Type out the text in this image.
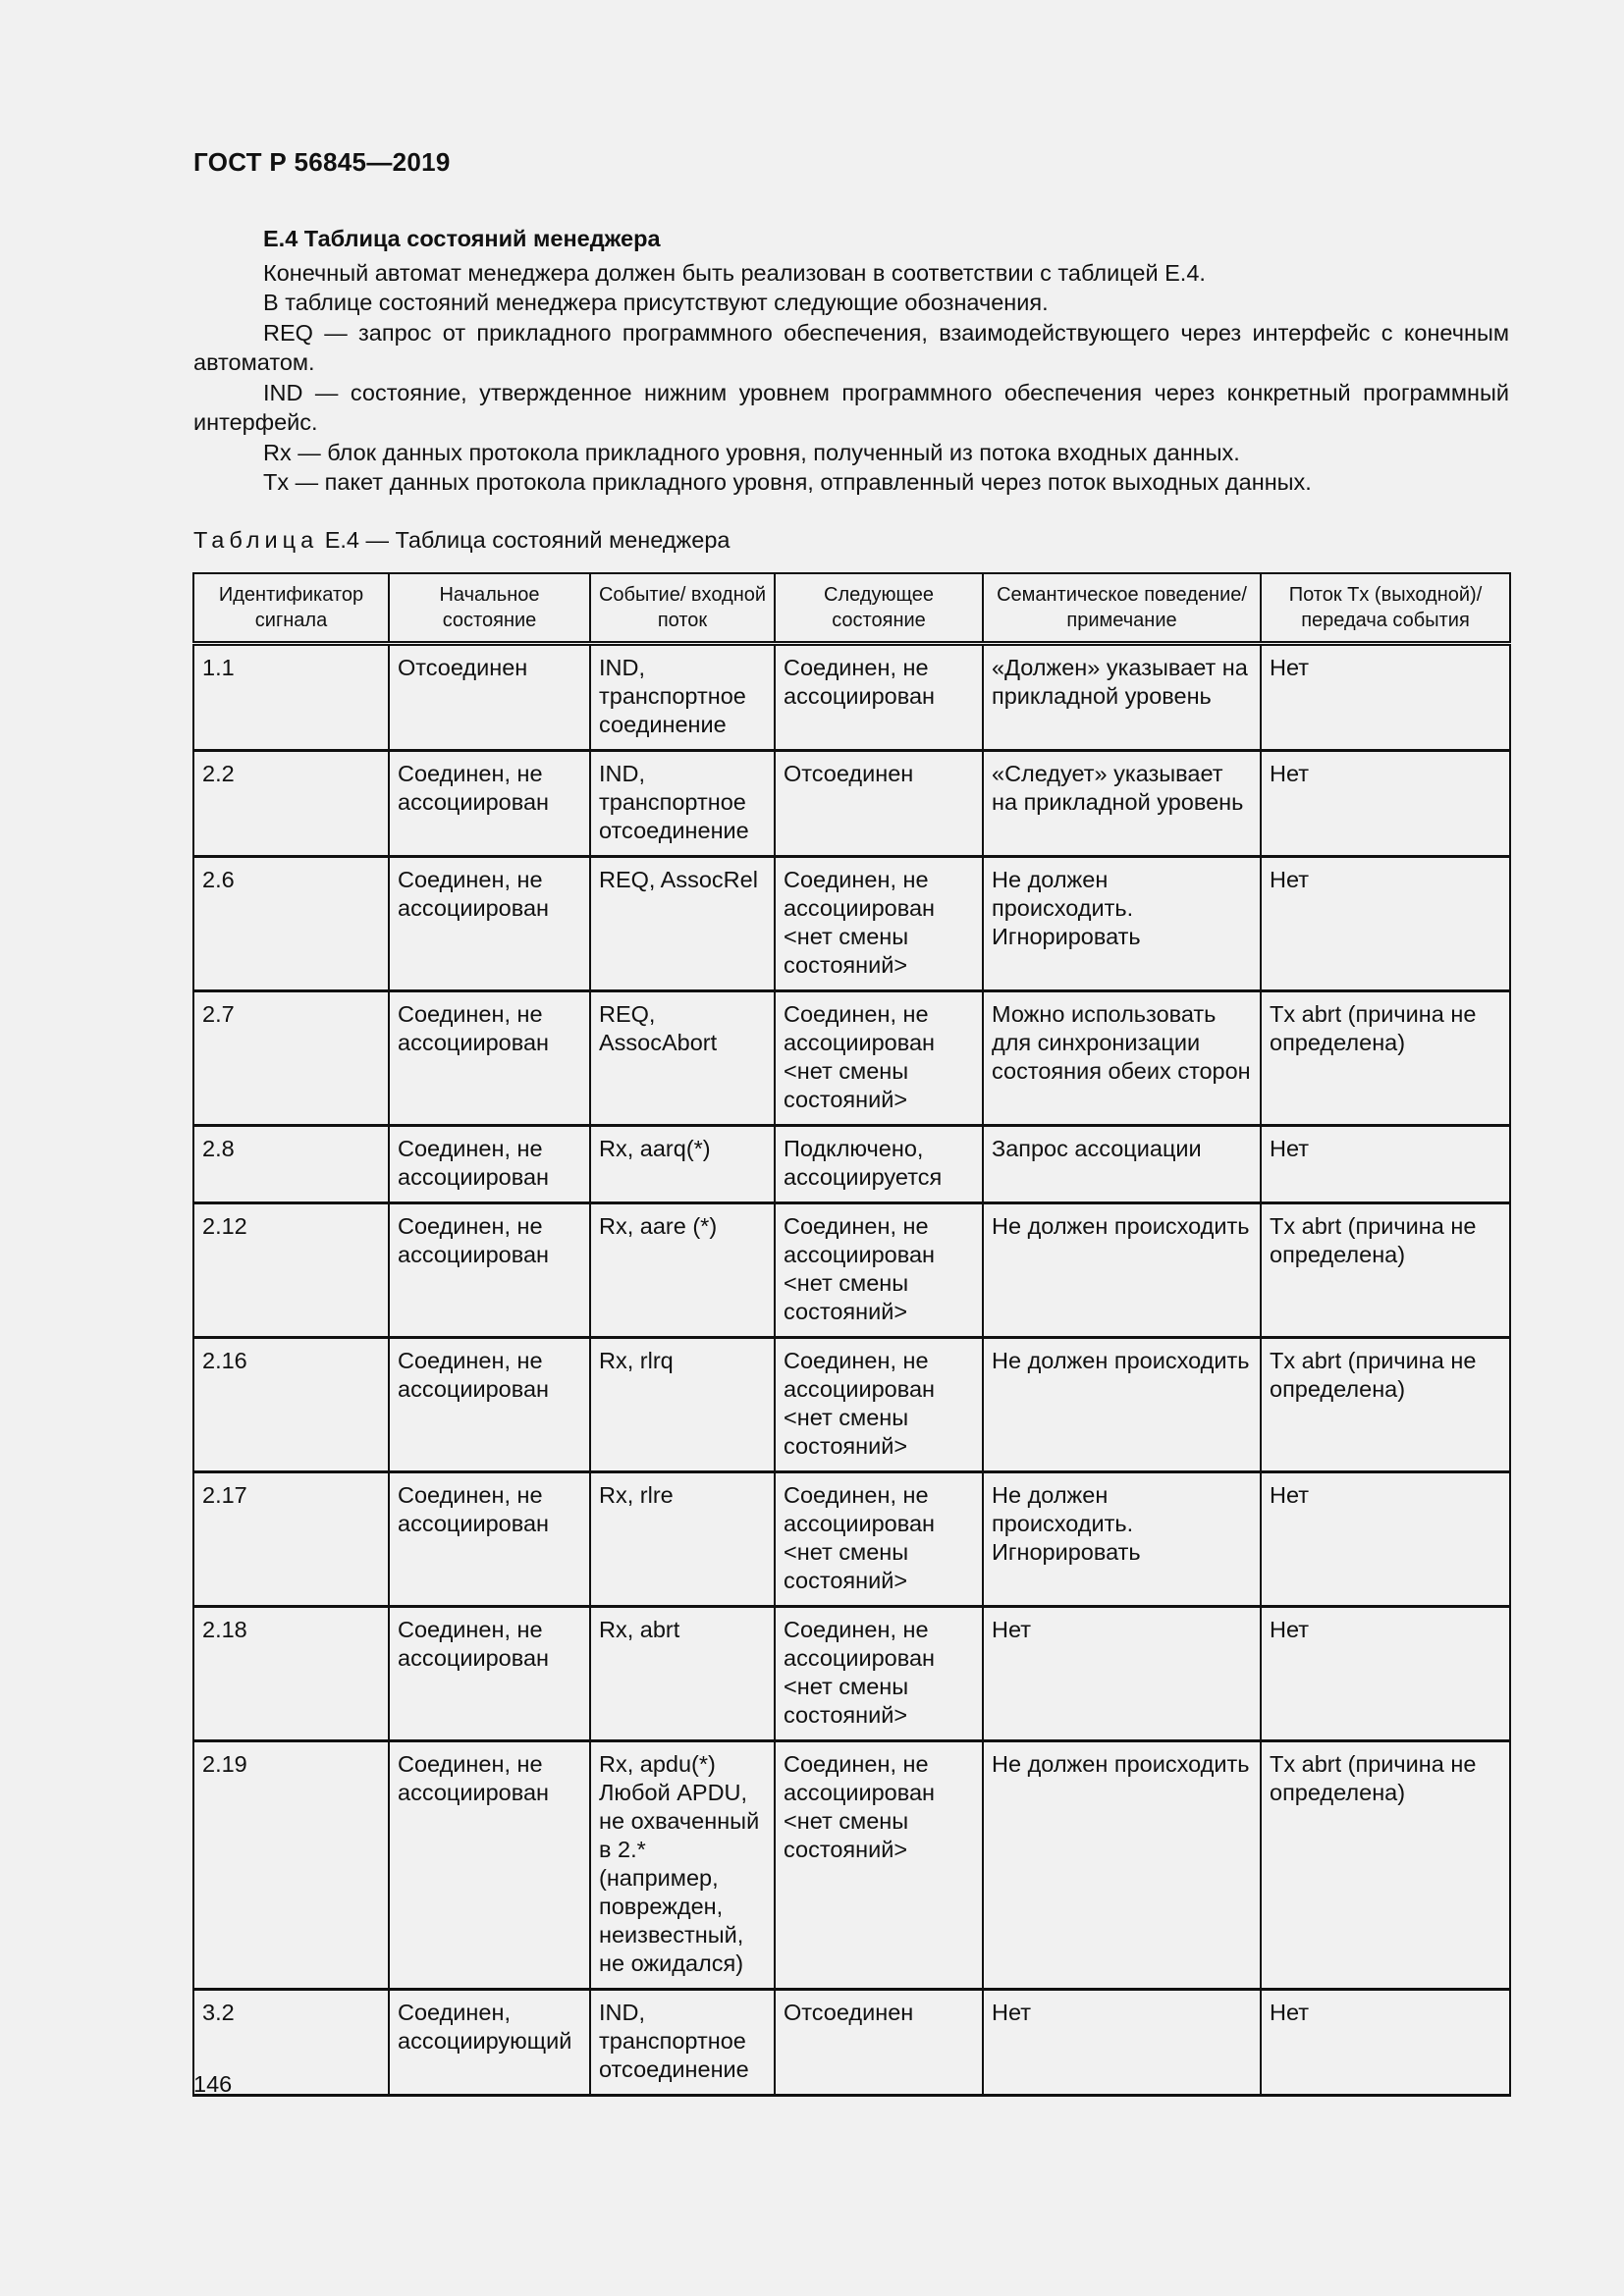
ГОСТ Р 56845—2019
Е.4 Таблица состояний менеджера

Конечный автомат менеджера должен быть реализован в соответствии с таблицей Е.4.

В таблице состояний менеджера присутствуют следующие обозначения.

REQ — запрос от прикладного программного обеспечения, взаимодействующего через интерфейс с конечным автоматом.

IND — состояние, утвержденное нижним уровнем программного обеспечения через конкретный программный интерфейс.

Rx — блок данных протокола прикладного уровня, полученный из потока входных данных.

Tx — пакет данных протокола прикладного уровня, отправленный через поток выходных данных.

Таблица Е.4 — Таблица состояний менеджера
Идентификатор сигнала	Начальное состояние	Событие/ входной поток	Следующее состояние	Семантическое поведение/примечание	Поток Tx (выходной)/ передача события
1.1	Отсоединен	IND, транспортное соединение	Соединен, не ассоциирован	«Должен» указывает на прикладной уровень	Нет
2.2	Соединен, не ассоциирован	IND, транспортное отсоединение	Отсоединен	«Следует» указывает на прикладной уровень	Нет
2.6	Соединен, не ассоциирован	REQ, AssocRel	Соединен, не ассоциирован <нет смены состояний>	Не должен происходить. Игнорировать	Нет
2.7	Соединен, не ассоциирован	REQ, AssocAbort	Соединен, не ассоциирован <нет смены состояний>	Можно использовать для синхронизации состояния обеих сторон	Tx abrt (причина не определена)
2.8	Соединен, не ассоциирован	Rx, aarq(*)	Подключено, ассоциируется	Запрос ассоциации	Нет
2.12	Соединен, не ассоциирован	Rx, aare (*)	Соединен, не ассоциирован <нет смены состояний>	Не должен происходить	Tx abrt (причина не определена)
2.16	Соединен, не ассоциирован	Rx, rlrq	Соединен, не ассоциирован <нет смены состояний>	Не должен происходить	Tx abrt (причина не определена)
2.17	Соединен, не ассоциирован	Rx, rlre	Соединен, не ассоциирован <нет смены состояний>	Не должен происходить. Игнорировать	Нет
2.18	Соединен, не ассоциирован	Rx, abrt	Соединен, не ассоциирован <нет смены состояний>	Нет	Нет
2.19	Соединен, не ассоциирован	Rx, apdu(*) Любой APDU, не охваченный в 2.* (например, поврежден, неизвестный, не ожидался)	Соединен, не ассоциирован <нет смены состояний>	Не должен происходить	Tx abrt (причина не определена)
3.2	Соединен, ассоциирующий	IND, транспортное отсоединение	Отсоединен	Нет	Нет
146
